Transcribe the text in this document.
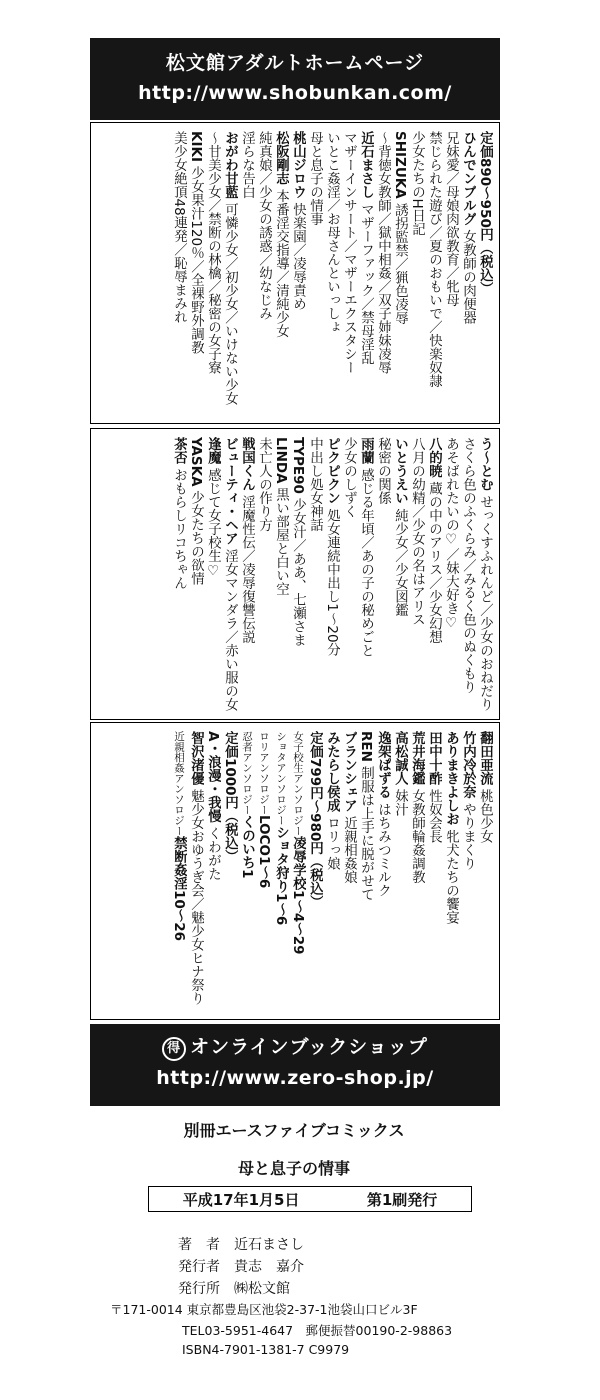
松文館アダルトホームページ
http://www.shobunkan.com/
定価890〜950円（税込）
ひんでンブルグ 女教師の肉便器
兄妹愛／母娘肉欲教育／牝母
禁じられた遊び／夏のおもいで／快楽奴隷
少女たちのH日記
SHIZUKA 誘拐監禁／猟色凌辱
〜背徳女教師／獄中相姦／双子姉妹凌辱
近石まさし マザーファック／禁母淫乱
マザーインサート／マザーエクスタシー
いとこ姦淫／お母さんといっしょ
母と息子の情事
桃山ジロウ 快楽園／凌辱責め
松阪剛志 本番淫交指導／清純少女
純真娘／少女の誘惑／幼なじみ
淫らな告白
おがわ甘藍 可憐少女／初少女／いけない少女
〜甘美少女／禁断の林檎／秘密の女子寮
KIKI 少女果汁120％／全裸野外調教
美少女絶頂48連発／恥辱まみれ
う〜とむ せっくすふれんど／少女のおねだり
さくら色のふくらみ／みるく色のぬくもり
あそばれたいの♡／妹大好き♡
八的暁 蔵の中のアリス／少女幻想
八月の幼精／少女の名はアリス
いとうえい 純少女／少女図鑑
秘密の関係
雨蘭 感じる年頃／あの子の秘めごと
少女のしずく
ピクピクン 処女連続中出し1〜20分
中出し処女神話
TYPE90 少女汁／ああ、七瀬さま
LINDA 黒い部屋と白い空
未亡人の作り方
戦国くん 淫魔性伝／凌辱復讐伝説
ビューティ・ヘア 淫女マンダラ／赤い服の女
逢魔 感じて女子校生♡
YASKA 少女たちの欲情
茶否 おもらしリコちゃん
翻田亜流 桃色少女
竹内冷於奈 やりまくり
ありまきよしお 牝犬たちの饗宴
田中十酢 性奴会長
荒井海鑑 女教師輪姦調教
高松誠人 妹汁
逸架ぱずる はちみつミルク
REN 制服は上手に脱がせて
ブランシェア 近親相姦娘
みたらし侯成 ロリっ娘
定価799円〜980円（税込）
女子校生アンソロジー凌辱学校1〜4〜29
ショタアンソロジーショタ狩り1〜6
ロリアンソロジーLOCO1〜6
忍者アンソロジーくのいち1
定価1000円（税込）
A・浪漫・我慢 くわがた
智沢渚優 魅少女おゆうぎ会／魅少女ヒナ祭り
近親相姦アンソロジー禁断姦淫10〜26
得 オンラインブックショップ
http://www.zero-shop.jp/
別冊エースファイブコミックス
母と息子の情事
平成17年1月5日	第1刷発行
著　者	近石まさし
発行者	貴志　嘉介
発行所	㈱松文館
〒171-0014 東京都豊島区池袋2-37-1池袋山口ビル3F
TEL03-5951-4647　郵便振替00190-2-98863
ISBN4-7901-1381-7 C9979
